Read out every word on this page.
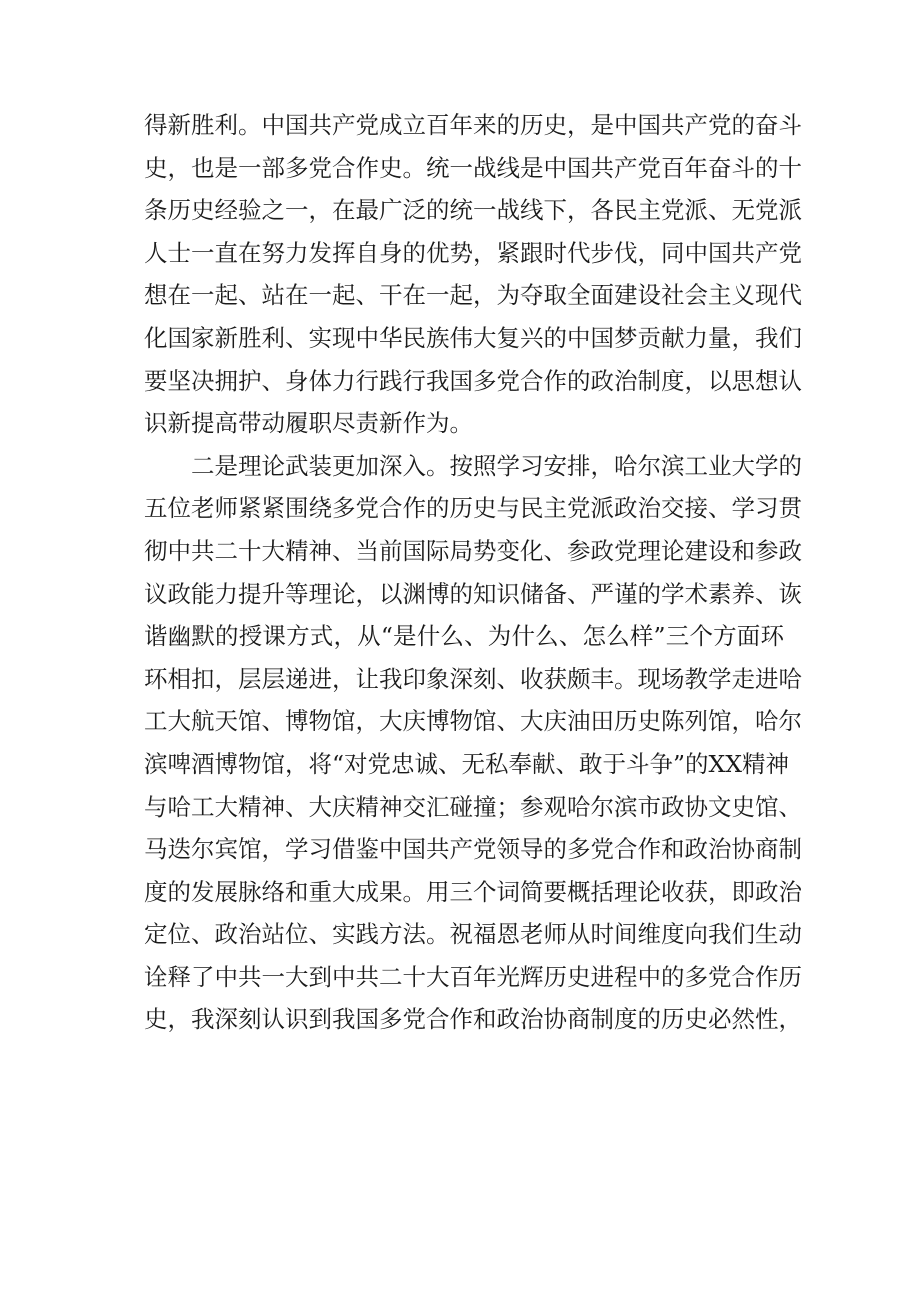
得新胜利。中国共产党成立百年来的历史，是中国共产党的奋斗
史，也是一部多党合作史。统一战线是中国共产党百年奋斗的十
条历史经验之一，在最广泛的统一战线下，各民主党派、无党派
人士一直在努力发挥自身的优势，紧跟时代步伐，同中国共产党
想在一起、站在一起、干在一起，为夺取全面建设社会主义现代
化国家新胜利、实现中华民族伟大复兴的中国梦贡献力量，我们
要坚决拥护、身体力行践行我国多党合作的政治制度，以思想认
识新提高带动履职尽责新作为。
二是理论武装更加深入。按照学习安排，哈尔滨工业大学的
五位老师紧紧围绕多党合作的历史与民主党派政治交接、学习贯
彻中共二十大精神、当前国际局势变化、参政党理论建设和参政
议政能力提升等理论，以渊博的知识储备、严谨的学术素养、诙
谐幽默的授课方式，从“是什么、为什么、怎么样”三个方面环
环相扣，层层递进，让我印象深刻、收获颇丰。现场教学走进哈
工大航天馆、博物馆，大庆博物馆、大庆油田历史陈列馆，哈尔
滨啤酒博物馆，将“对党忠诚、无私奉献、敢于斗争”的XX精神
与哈工大精神、大庆精神交汇碰撞；参观哈尔滨市政协文史馆、
马迭尔宾馆，学习借鉴中国共产党领导的多党合作和政治协商制
度的发展脉络和重大成果。用三个词简要概括理论收获，即政治
定位、政治站位、实践方法。祝福恩老师从时间维度向我们生动
诠释了中共一大到中共二十大百年光辉历史进程中的多党合作历
史，我深刻认识到我国多党合作和政治协商制度的历史必然性，
